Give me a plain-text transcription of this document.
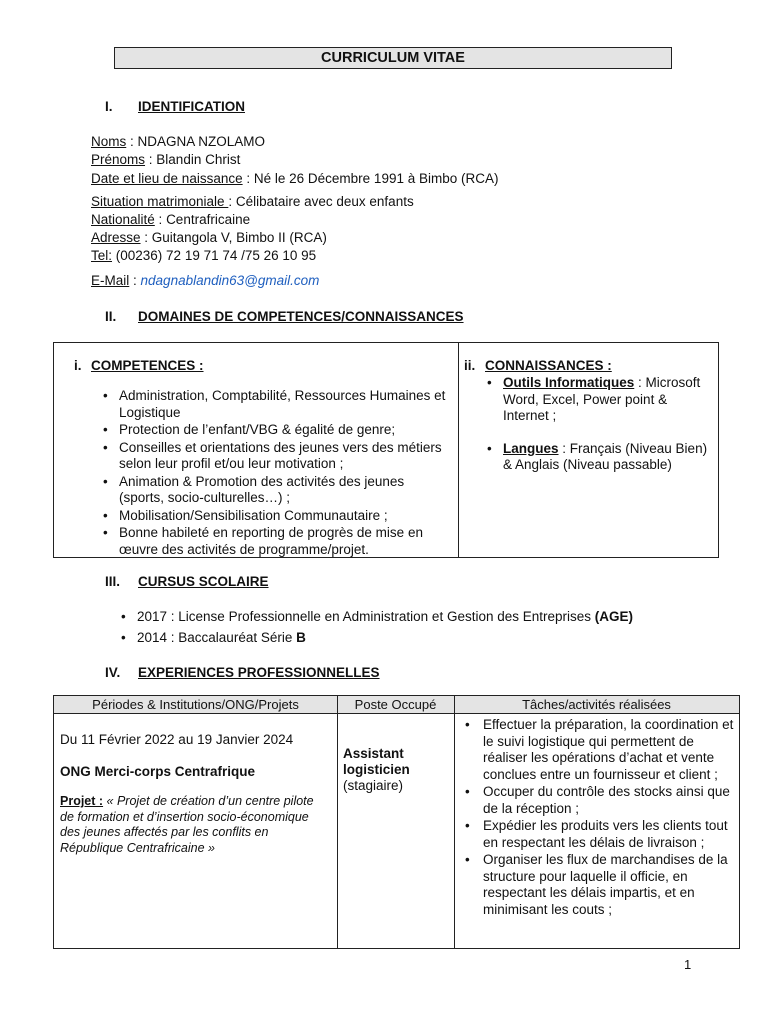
CURRICULUM VITAE
I. IDENTIFICATION
Noms : NDAGNA NZOLAMO
Prénoms : Blandin Christ
Date et lieu de naissance : Né le 26 Décembre 1991 à Bimbo (RCA)
Situation matrimoniale : Célibataire avec deux enfants
Nationalité : Centrafricaine
Adresse : Guitangola V, Bimbo II (RCA)
Tel: (00236) 72 19 71 74 /75 26 10 95
E-Mail : ndagnablandin63@gmail.com
II. DOMAINES DE COMPETENCES/CONNAISSANCES
i. COMPETENCES :
• Administration, Comptabilité, Ressources Humaines et Logistique
• Protection de l’enfant/VBG & égalité de genre;
• Conseilles et orientations des jeunes vers des métiers selon leur profil et/ou leur motivation ;
• Animation & Promotion des activités des jeunes (sports, socio-culturelles…) ;
• Mobilisation/Sensibilisation Communautaire ;
• Bonne habileté en reporting de progrès de mise en œuvre des activités de programme/projet.
ii. CONNAISSANCES :
• Outils Informatiques : Microsoft Word, Excel, Power point & Internet ;
• Langues : Français (Niveau Bien) & Anglais (Niveau passable)
III. CURSUS SCOLAIRE
• 2017 : License Professionnelle en Administration et Gestion des Entreprises (AGE)
• 2014 : Baccalauréat Série B
IV. EXPERIENCES PROFESSIONNELLES
Périodes & Institutions/ONG/Projets	Poste Occupé	Tâches/activités réalisées
Du 11 Février 2022 au 19 Janvier 2024
ONG Merci-corps Centrafrique
Projet : « Projet de création d’un centre pilote de formation et d’insertion socio-économique des jeunes affectés par les conflits en République Centrafricaine »
Assistant logisticien
(stagiaire)
• Effectuer la préparation, la coordination et le suivi logistique qui permettent de réaliser les opérations d’achat et vente conclues entre un fournisseur et client ;
• Occuper du contrôle des stocks ainsi que de la réception ;
• Expédier les produits vers les clients tout en respectant les délais de livraison ;
• Organiser les flux de marchandises de la structure pour laquelle il officie, en respectant les délais impartis, et en minimisant les couts ;
1
